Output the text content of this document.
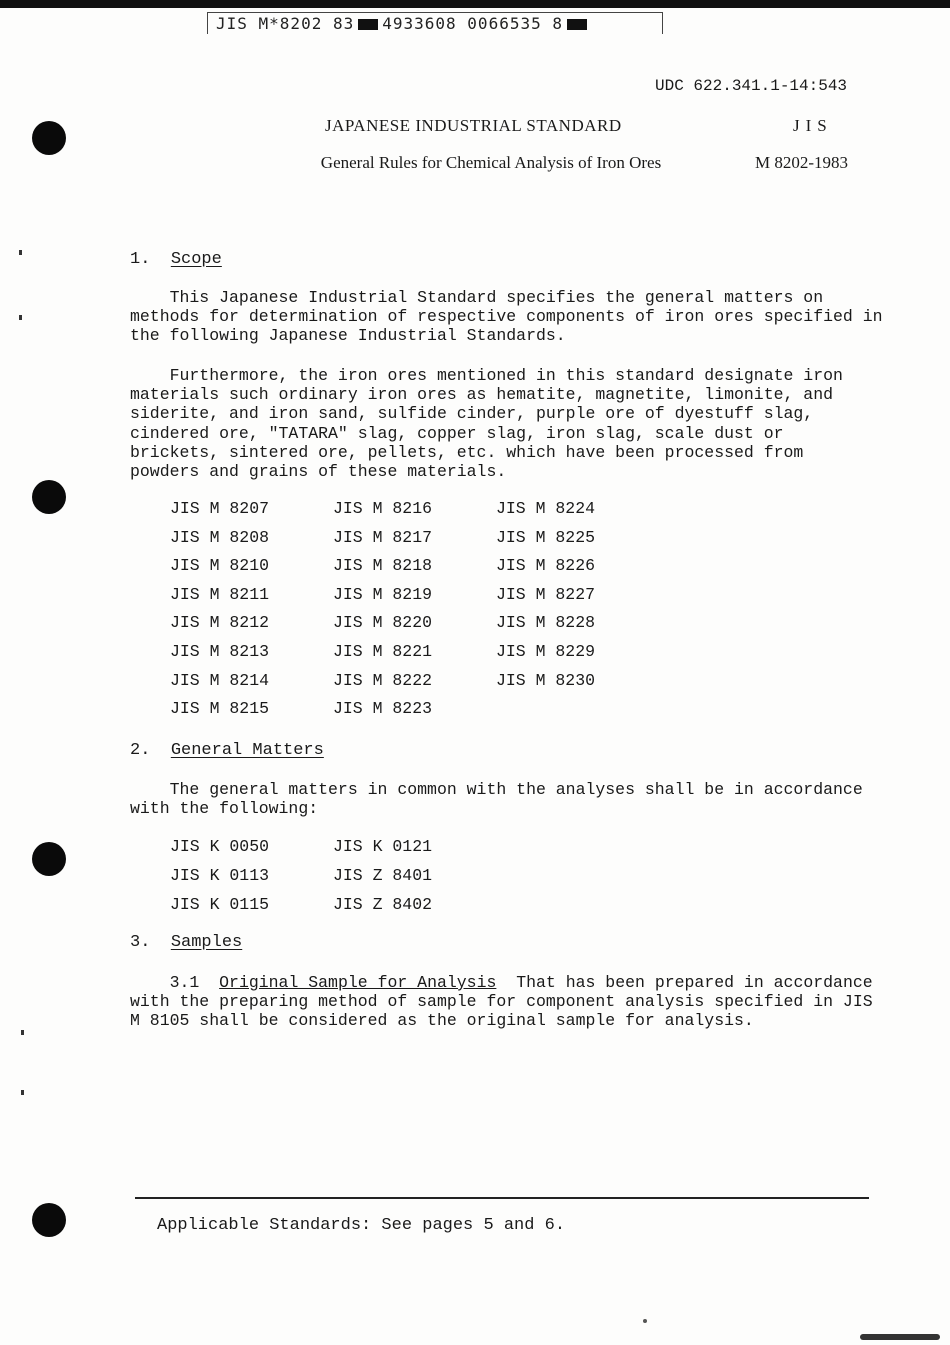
JIS M*8202 83 4933608 0066535 8
UDC 622.341.1-14:543
JAPANESE INDUSTRIAL STANDARD	JIS
General Rules for Chemical Analysis of Iron Ores	M 8202-1983
1. Scope
This Japanese Industrial Standard specifies the general matters on
methods for determination of respective components of iron ores specified in
the following Japanese Industrial Standards.
Furthermore, the iron ores mentioned in this standard designate iron
materials such ordinary iron ores as hematite, magnetite, limonite, and
siderite, and iron sand, sulfide cinder, purple ore of dyestuff slag,
cindered ore, "TATARA" slag, copper slag, iron slag, scale dust or
brickets, sintered ore, pellets, etc. which have been processed from
powders and grains of these materials.
JIS M 8207	JIS M 8216	JIS M 8224
JIS M 8208	JIS M 8217	JIS M 8225
JIS M 8210	JIS M 8218	JIS M 8226
JIS M 8211	JIS M 8219	JIS M 8227
JIS M 8212	JIS M 8220	JIS M 8228
JIS M 8213	JIS M 8221	JIS M 8229
JIS M 8214	JIS M 8222	JIS M 8230
JIS M 8215	JIS M 8223
2. General Matters
The general matters in common with the analyses shall be in accordance
with the following:
JIS K 0050	JIS K 0121
JIS K 0113	JIS Z 8401
JIS K 0115	JIS Z 8402
3. Samples
3.1 Original Sample for Analysis  That has been prepared in accordance
with the preparing method of sample for component analysis specified in JIS
M 8105 shall be considered as the original sample for analysis.
Applicable Standards: See pages 5 and 6.
